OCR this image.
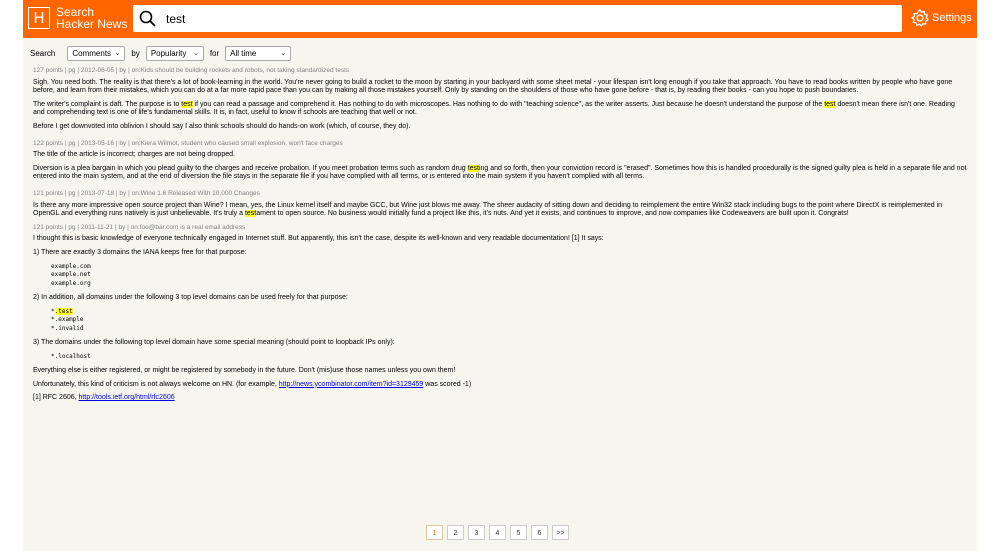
H Search
Hacker News
test	Settings
Search Comments ⌄ by Popularity ⌄ for All time	⌄
127 points | pg | 2012-06-05 | by | on:Kids should be building rockets and robots, not taking standardized tests

Sigh. You need both. The reality is that there's a lot of book-learning in the world. You're never going to build a rocket to the moon by starting in your backyard with some sheet metal - your lifespan isn't long enough if you take that approach. You have to read books written by people who have gone before, and learn from their mistakes, which you can do at a far more rapid pace than you can by making all those mistakes yourself. Only by standing on the shoulders of those who have gone before - that is, by reading their books - can you hope to push boundaries.

The writer's complaint is daft. The purpose is to test if you can read a passage and comprehend it. Has nothing to do with microscopes. Has nothing to do with "teaching science", as the writer asserts. Just because he doesn't understand the purpose of the test doesn't mean there isn't one. Reading and comprehending text is one of life's fundamental skills. It is, in fact, useful to know if schools are teaching that well or not.

Before I get downvoted into oblivion I should say I also think schools should do hands-on work (which, of course, they do).

122 points | pg | 2013-05-16 | by | on:Kiera Wilmot, student who caused small explosion, won't face charges

The title of the article is incorrect; charges are not being dropped.

Diversion is a plea bargain in which you plead guilty to the charges and receive probation. If you meet probation terms such as random drug testing and so forth, then your conviction record is "erased". Sometimes how this is handled procedurally is the signed guilty plea is held in a separate file and not entered into the main system, and at the end of diversion the file stays in the separate file if you have complied with all terms, or is entered into the main system if you haven't complied with all terms.

121 points | pg | 2013-07-18 | by | on:Wine 1.6 Released With 10,000 Changes

Is there any more impressive open source project than Wine? I mean, yes, the Linux kernel itself and maybe GCC, but Wine just blows me away. The sheer audacity of sitting down and deciding to reimplement the entire Win32 stack including bugs to the point where DirectX is reimplemented in OpenGL and everything runs natively is just unbelievable. It's truly a testament to open source. No business would initially fund a project like this, it's nuts. And yet it exists, and continues to improve, and now companies like Codeweavers are built upon it. Congrats!

121 points | pg | 2011-11-21 | by | on:foo@bar.com is a real email address

I thought this is basic knowledge of everyone technically engaged in Internet stuff. But apparently, this isn't the case, despite its well-known and very readable documentation! [1] It says:

1) There are exactly 3 domains the IANA keeps free for that purpose:

example.com
example.net
example.org

2) In addition, all domains under the following 3 top level domains can be used freely for that purpose:

*.test
*.example
*.invalid

3) The domains under the following top level domain have some special meaning (should point to loopback IPs only):

*.localhost

Everything else is either registered, or might be registered by somebody in the future. Don't (mis)use those names unless you own them!

Unfortunately, this kind of criticism is not always welcome on HN. (for example, http://news.ycombinator.com/item?id=3129459 was scored -1)

[1] RFC 2606, http://tools.ietf.org/html/rfc2606

1	2	3	4	5	6	>>
